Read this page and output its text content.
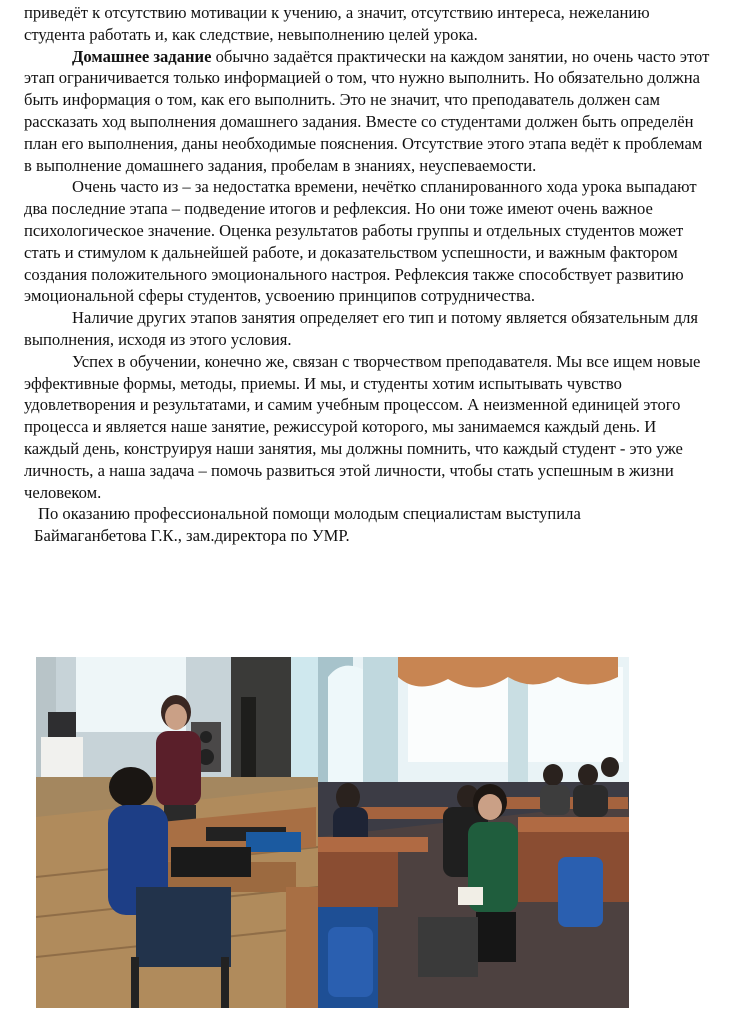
приведёт к отсутствию мотивации к учению, а значит, отсутствию интереса, нежеланию студента работать и, как следствие, невыполнению целей урока.

Домашнее задание обычно задаётся практически на каждом занятии, но очень часто этот этап ограничивается только информацией о том, что нужно выполнить. Но обязательно должна быть информация о том, как его выполнить. Это не значит, что преподаватель должен сам рассказать ход выполнения домашнего задания. Вместе со студентами должен быть определён план его выполнения, даны необходимые пояснения. Отсутствие этого этапа ведёт к проблемам в выполнение домашнего задания, пробелам в знаниях, неуспеваемости.

Очень часто из – за недостатка времени, нечётко спланированного хода урока выпадают два последние этапа – подведение итогов и рефлексия. Но они тоже имеют очень важное психологическое значение. Оценка результатов работы группы и отдельных студентов может стать и стимулом к дальнейшей работе, и доказательством успешности, и важным фактором создания положительного эмоционального настроя. Рефлексия также способствует развитию эмоциональной сферы студентов, усвоению принципов сотрудничества.

Наличие других этапов занятия определяет его тип и потому является обязательным для выполнения, исходя из этого условия.

Успех в обучении, конечно же, связан с творчеством преподавателя. Мы все ищем новые эффективные формы, методы, приемы. И мы, и студенты хотим испытывать чувство удовлетворения и результатами, и самим учебным процессом. А неизменной единицей этого процесса и является наше занятие, режиссурой которого, мы занимаемся каждый день. И каждый день, конструируя наши занятия, мы должны помнить, что каждый студент - это уже личность, а наша задача – помочь развиться этой личности, чтобы стать успешным в жизни человеком.

По оказанию профессиональной помощи молодым специалистам выступила

Баймаганбетова Г.К., зам.директора по УМР.
